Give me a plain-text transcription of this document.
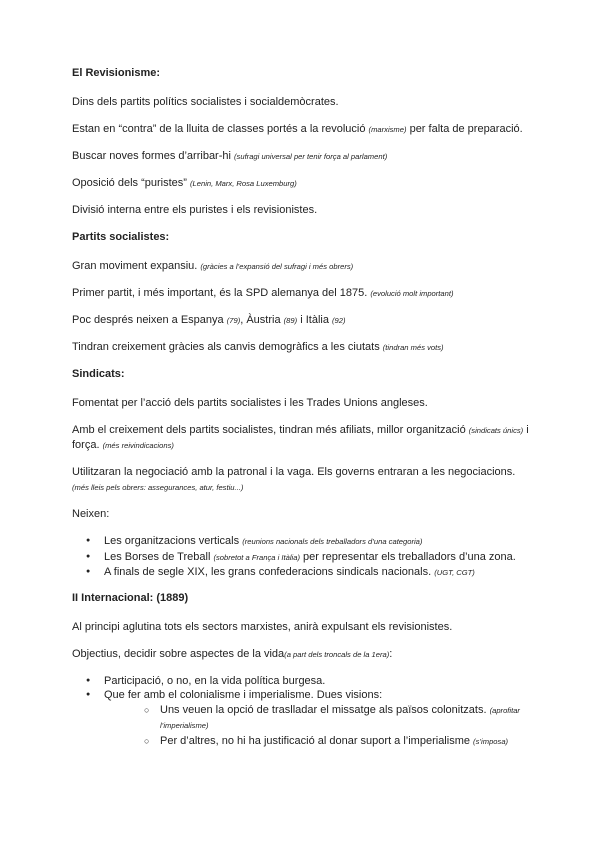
El Revisionisme:

Dins dels partits polítics socialistes i socialdemòcrates.

Estan en “contra” de la lluita de classes portés a la revolució (marxisme) per falta de preparació.

Buscar noves formes d’arribar-hi (sufragi universal per tenir força al parlament)

Oposició dels “puristes” (Lenin, Marx, Rosa Luxemburg)

Divisió interna entre els puristes i els revisionistes.

Partits socialistes:

Gran moviment expansiu. (gràcies a l’expansió del sufragi i més obrers)

Primer partit, i més important, és la SPD alemanya del 1875. (evolució molt important)

Poc després neixen a Espanya (79), Àustria (89) i Itàlia (92)

Tindran creixement gràcies als canvis demogràfics a les ciutats (tindran més vots)

Sindicats:

Fomentat per l’acció dels partits socialistes i les Trades Unions angleses.

Amb el creixement dels partits socialistes, tindran més afiliats, millor organització (sindicats únics) i força. (més reivindicacions)

Utilitzaran la negociació amb la patronal i la vaga. Els governs entraran a les negociacions. (més lleis pels obrers: assegurances, atur, festiu...)

Neixen:

● Les organitzacions verticals (reunions nacionals dels treballadors d’una categoria)
● Les Borses de Treball (sobretot a França i Itàlia) per representar els treballadors d’una zona.
● A finals de segle XIX, les grans confederacions sindicals nacionals. (UGT, CGT)
II Internacional: (1889)

Al principi aglutina tots els sectors marxistes, anirà expulsant els revisionistes.

Objectius, decidir sobre aspectes de la vida(a part dels troncals de la 1era):

● Participació, o no, en la vida política burgesa.
● Que fer amb el colonialisme i imperialisme. Dues visions:
○ Uns veuen la opció de traslladar el missatge als països colonitzats. (aprofitar l’imperialisme)
○ Per d’altres, no hi ha justificació al donar suport a l’imperialisme (s’imposa)
